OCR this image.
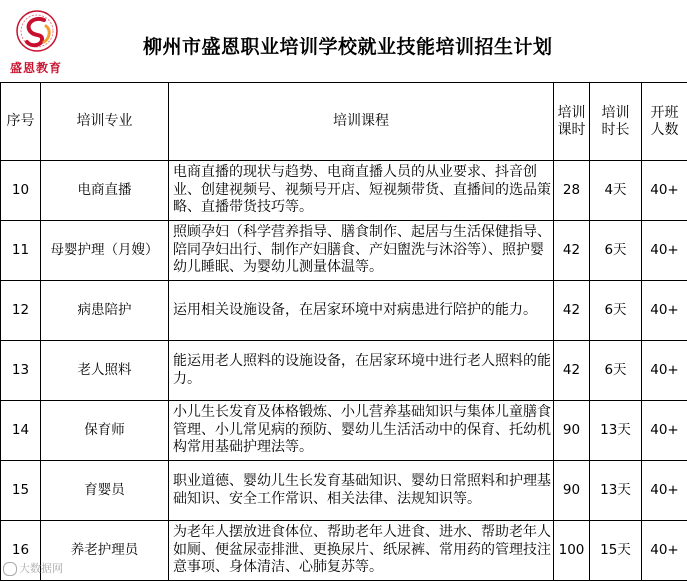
盛恩教育
柳州市盛恩职业培训学校就业技能培训招生计划
序号	培训专业	培训课程	培训课时	培训时长	开班人数
10	电商直播	电商直播的现状与趋势、电商直播人员的从业要求、抖音创业、创建视频号、视频号开店、短视频带货、直播间的选品策略、直播带货技巧等。	28	4天	40+
11	母婴护理（月嫂）	照顾孕妇（科学营养指导、膳食制作、起居与生活保健指导、陪同孕妇出行、制作产妇膳食、产妇盥洗与沐浴等）、照护婴幼儿睡眠、为婴幼儿测量体温等。	42	6天	40+
12	病患陪护	运用相关设施设备，在居家环境中对病患进行陪护的能力。	42	6天	40+
13	老人照料	能运用老人照料的设施设备，在居家环境中进行老人照料的能力。	42	6天	40+
14	保育师	小儿生长发育及体格锻炼、小儿营养基础知识与集体儿童膳食管理、小儿常见病的预防、婴幼儿生活活动中的保育、托幼机构常用基础护理法等。	90	13天	40+
15	育婴员	职业道德、婴幼儿生长发育基础知识、婴幼日常照料和护理基础知识、安全工作常识、相关法律、法规知识等。	90	13天	40+
16	养老护理员	为老年人摆放进食体位、帮助老年人进食、进水、帮助老年人如厕、便盆尿壶排泄、更换尿片、纸尿裤、常用药的管理技注意事项、身体清洁、心肺复苏等。	100	15天	40+
大数据网
